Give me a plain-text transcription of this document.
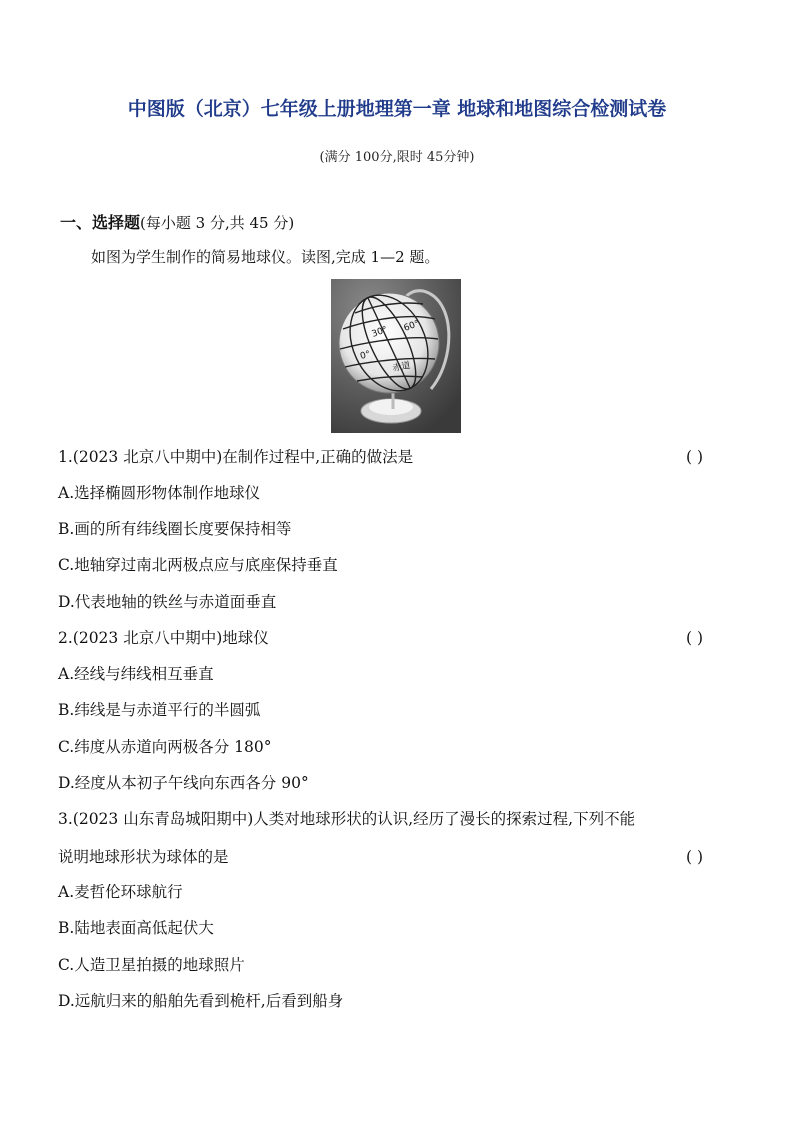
中图版（北京）七年级上册地理第一章 地球和地图综合检测试卷
(满分 100分,限时 45分钟)
一、选择题(每小题 3 分,共 45 分)
如图为学生制作的简易地球仪。读图,完成 1—2 题。
30°
0°
60°
赤道
1.(2023 北京八中期中)在制作过程中,正确的做法是	( )
A.选择椭圆形物体制作地球仪
B.画的所有纬线圈长度要保持相等
C.地轴穿过南北两极点应与底座保持垂直
D.代表地轴的铁丝与赤道面垂直
2.(2023 北京八中期中)地球仪	( )
A.经线与纬线相互垂直
B.纬线是与赤道平行的半圆弧
C.纬度从赤道向两极各分 180°
D.经度从本初子午线向东西各分 90°
3.(2023 山东青岛城阳期中)人类对地球形状的认识,经历了漫长的探索过程,下列不能
说明地球形状为球体的是	( )
A.麦哲伦环球航行
B.陆地表面高低起伏大
C.人造卫星拍摄的地球照片
D.远航归来的船舶先看到桅杆,后看到船身
